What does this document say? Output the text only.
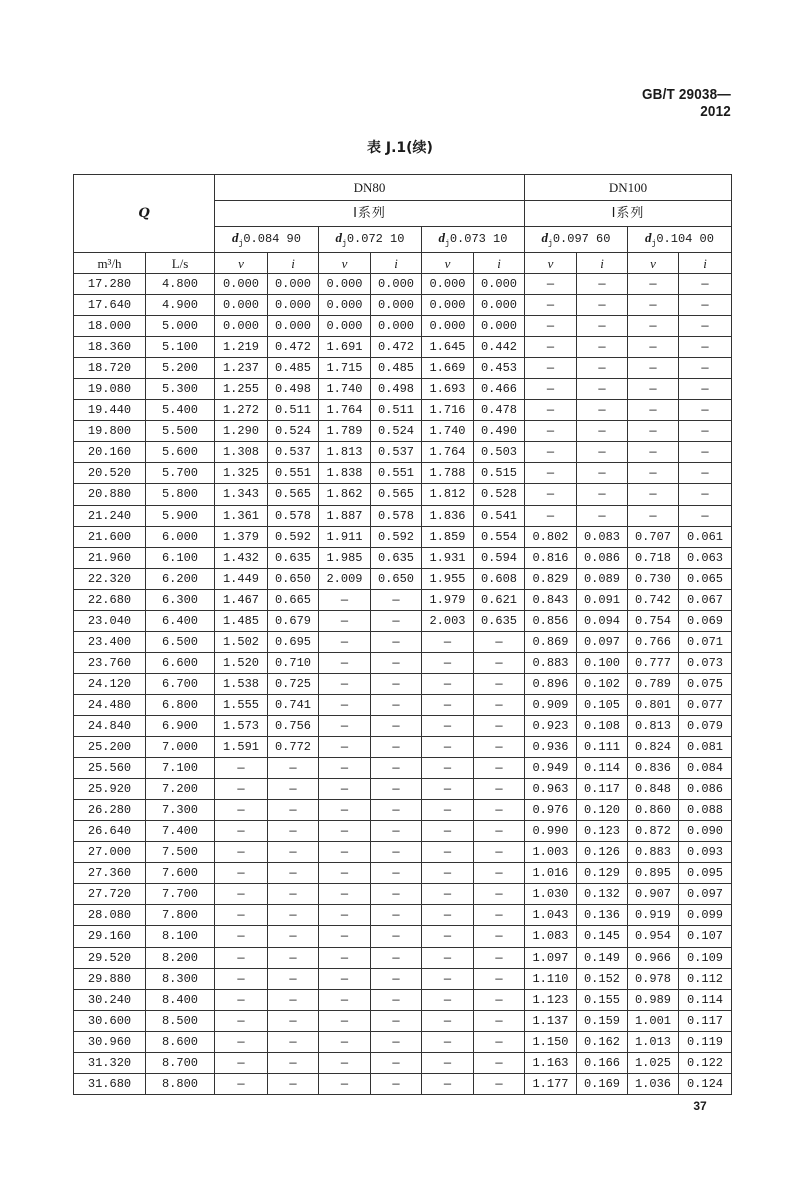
GB/T 29038—2012
表 J.1(续)
Q		DN80						DN100			
		Ⅰ系列						Ⅰ系列			
		$d_j0.084$ 90		$d_j0.072$ 10		$d_j0.073$ 10		$d_j0.097$ 60		$d_j0.104$ 00	
m³/h	L/s	v	i	v	i	v	i	v	i	v	i
17.280	4.800	0.000	0.000	0.000	0.000	0.000	0.000	—	—	—	—
17.640	4.900	0.000	0.000	0.000	0.000	0.000	0.000	—	—	—	—
18.000	5.000	0.000	0.000	0.000	0.000	0.000	0.000	—	—	—	—
18.360	5.100	1.219	0.472	1.691	0.472	1.645	0.442	—	—	—	—
18.720	5.200	1.237	0.485	1.715	0.485	1.669	0.453	—	—	—	—
19.080	5.300	1.255	0.498	1.740	0.498	1.693	0.466	—	—	—	—
19.440	5.400	1.272	0.511	1.764	0.511	1.716	0.478	—	—	—	—
19.800	5.500	1.290	0.524	1.789	0.524	1.740	0.490	—	—	—	—
20.160	5.600	1.308	0.537	1.813	0.537	1.764	0.503	—	—	—	—
20.520	5.700	1.325	0.551	1.838	0.551	1.788	0.515	—	—	—	—
20.880	5.800	1.343	0.565	1.862	0.565	1.812	0.528	—	—	—	—
21.240	5.900	1.361	0.578	1.887	0.578	1.836	0.541	—	—	—	—
21.600	6.000	1.379	0.592	1.911	0.592	1.859	0.554	0.802	0.083	0.707	0.061
21.960	6.100	1.432	0.635	1.985	0.635	1.931	0.594	0.816	0.086	0.718	0.063
22.320	6.200	1.449	0.650	2.009	0.650	1.955	0.608	0.829	0.089	0.730	0.065
22.680	6.300	1.467	0.665	—	—	1.979	0.621	0.843	0.091	0.742	0.067
23.040	6.400	1.485	0.679	—	—	2.003	0.635	0.856	0.094	0.754	0.069
23.400	6.500	1.502	0.695	—	—	—	—	0.869	0.097	0.766	0.071
23.760	6.600	1.520	0.710	—	—	—	—	0.883	0.100	0.777	0.073
24.120	6.700	1.538	0.725	—	—	—	—	0.896	0.102	0.789	0.075
24.480	6.800	1.555	0.741	—	—	—	—	0.909	0.105	0.801	0.077
24.840	6.900	1.573	0.756	—	—	—	—	0.923	0.108	0.813	0.079
25.200	7.000	1.591	0.772	—	—	—	—	0.936	0.111	0.824	0.081
25.560	7.100	—	—	—	—	—	—	0.949	0.114	0.836	0.084
25.920	7.200	—	—	—	—	—	—	0.963	0.117	0.848	0.086
26.280	7.300	—	—	—	—	—	—	0.976	0.120	0.860	0.088
26.640	7.400	—	—	—	—	—	—	0.990	0.123	0.872	0.090
27.000	7.500	—	—	—	—	—	—	1.003	0.126	0.883	0.093
27.360	7.600	—	—	—	—	—	—	1.016	0.129	0.895	0.095
27.720	7.700	—	—	—	—	—	—	1.030	0.132	0.907	0.097
28.080	7.800	—	—	—	—	—	—	1.043	0.136	0.919	0.099
29.160	8.100	—	—	—	—	—	—	1.083	0.145	0.954	0.107
29.520	8.200	—	—	—	—	—	—	1.097	0.149	0.966	0.109
29.880	8.300	—	—	—	—	—	—	1.110	0.152	0.978	0.112
30.240	8.400	—	—	—	—	—	—	1.123	0.155	0.989	0.114
30.600	8.500	—	—	—	—	—	—	1.137	0.159	1.001	0.117
30.960	8.600	—	—	—	—	—	—	1.150	0.162	1.013	0.119
31.320	8.700	—	—	—	—	—	—	1.163	0.166	1.025	0.122
31.680	8.800	—	—	—	—	—	—	1.177	0.169	1.036	0.124
37
